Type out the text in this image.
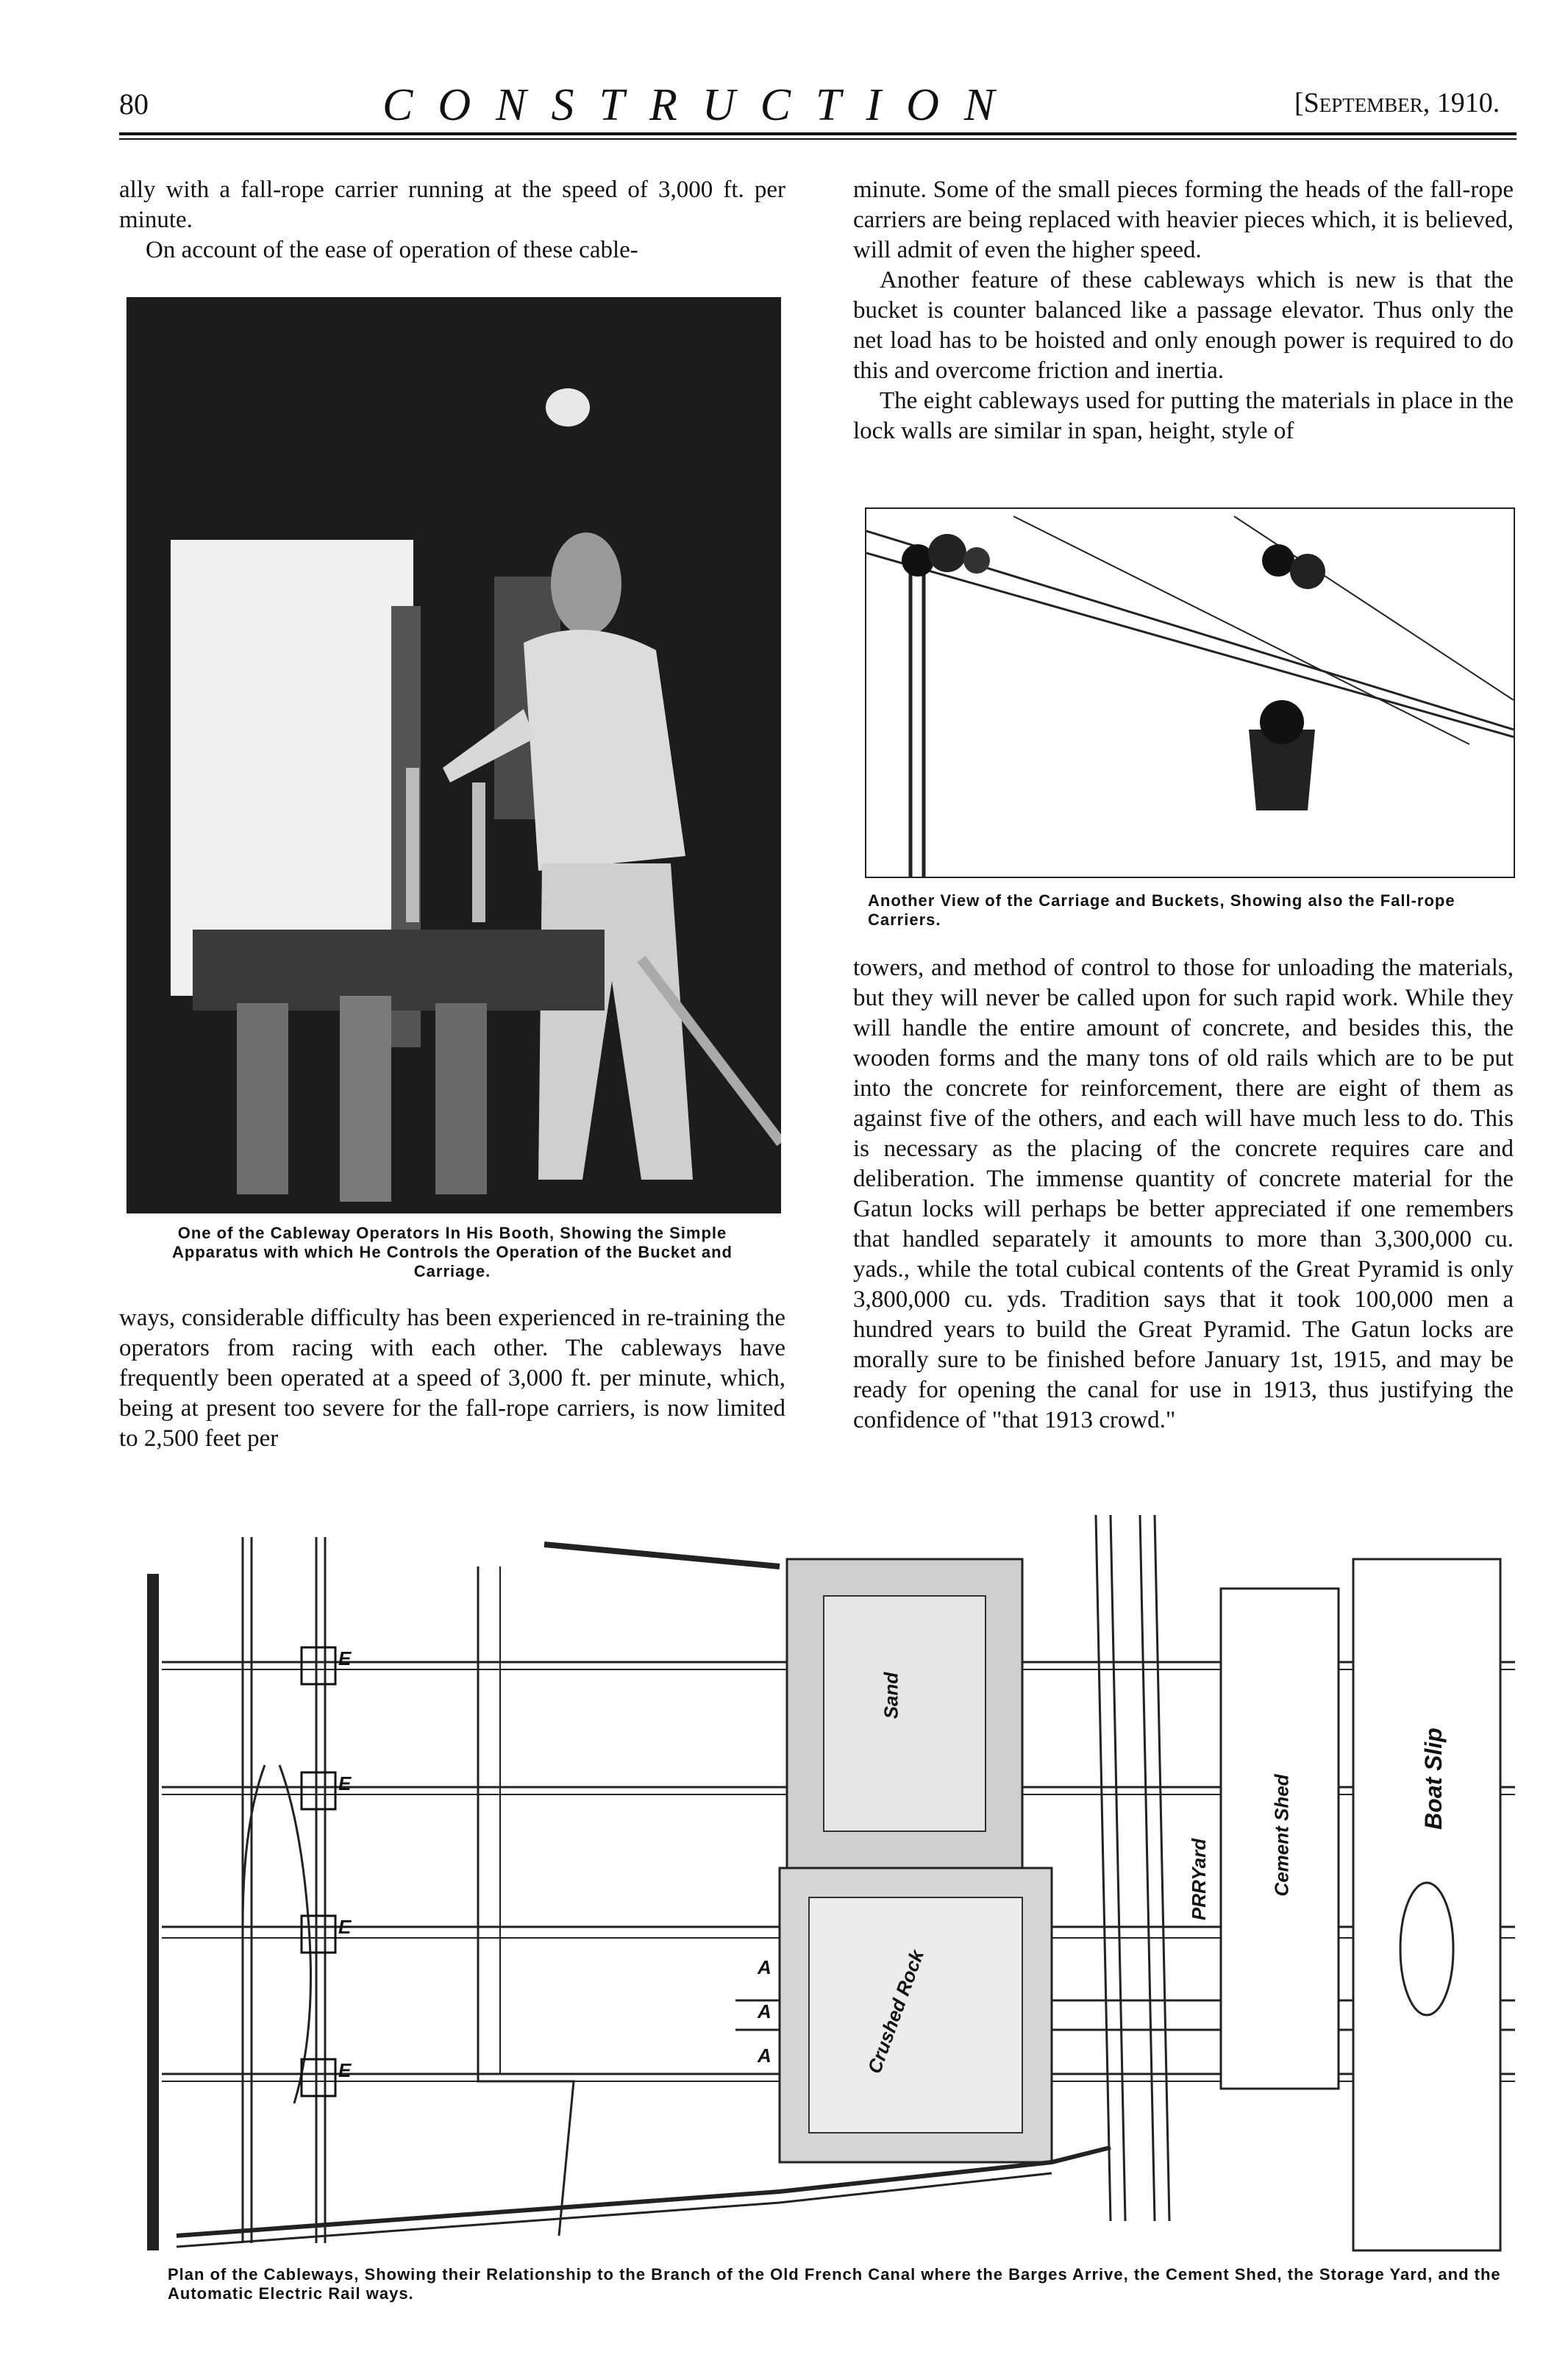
80	CONSTRUCTION	[September, 1910.

ally with a fall-rope carrier running at the speed of 3,000 ft. per minute.

On account of the ease of operation of these cable-

One of the Cableway Operators In His Booth, Showing the Simple Apparatus with which He Controls the Operation of the Bucket and Carriage.

ways, considerable difficulty has been experienced in re-training the operators from racing with each other. The cableways have frequently been operated at a speed of 3,000 ft. per minute, which, being at present too severe for the fall-rope carriers, is now limited to 2,500 feet per

minute. Some of the small pieces forming the heads of the fall-rope carriers are being replaced with heavier pieces which, it is believed, will admit of even the higher speed.

Another feature of these cableways which is new is that the bucket is counter balanced like a passage elevator. Thus only the net load has to be hoisted and only enough power is required to do this and overcome friction and inertia.

The eight cableways used for putting the materials in place in the lock walls are similar in span, height, style of

Another View of the Carriage and Buckets, Showing also the Fall-rope Carriers.

towers, and method of control to those for unloading the materials, but they will never be called upon for such rapid work. While they will handle the entire amount of concrete, and besides this, the wooden forms and the many tons of old rails which are to be put into the concrete for reinforcement, there are eight of them as against five of the others, and each will have much less to do. This is necessary as the placing of the concrete requires care and deliberation. The immense quantity of concrete material for the Gatun locks will perhaps be better appreciated if one remembers that handled separately it amounts to more than 3,300,000 cu. yads., while the total cubical contents of the Great Pyramid is only 3,800,000 cu. yds. Tradition says that it took 100,000 men a hundred years to build the Great Pyramid. The Gatun locks are morally sure to be finished before January 1st, 1915, and may be ready for opening the canal for use in 1913, thus justifying the confidence of "that 1913 crowd."

Sand
Crushed Rock
PRRYard	Cement Shed	Boat Slip
E
E
E
E
A
A
A
Plan of the Cableways, Showing their Relationship to the Branch of the Old French Canal where the Barges Arrive, the Cement Shed, the Storage Yard, and the Automatic Electric Rail ways.
